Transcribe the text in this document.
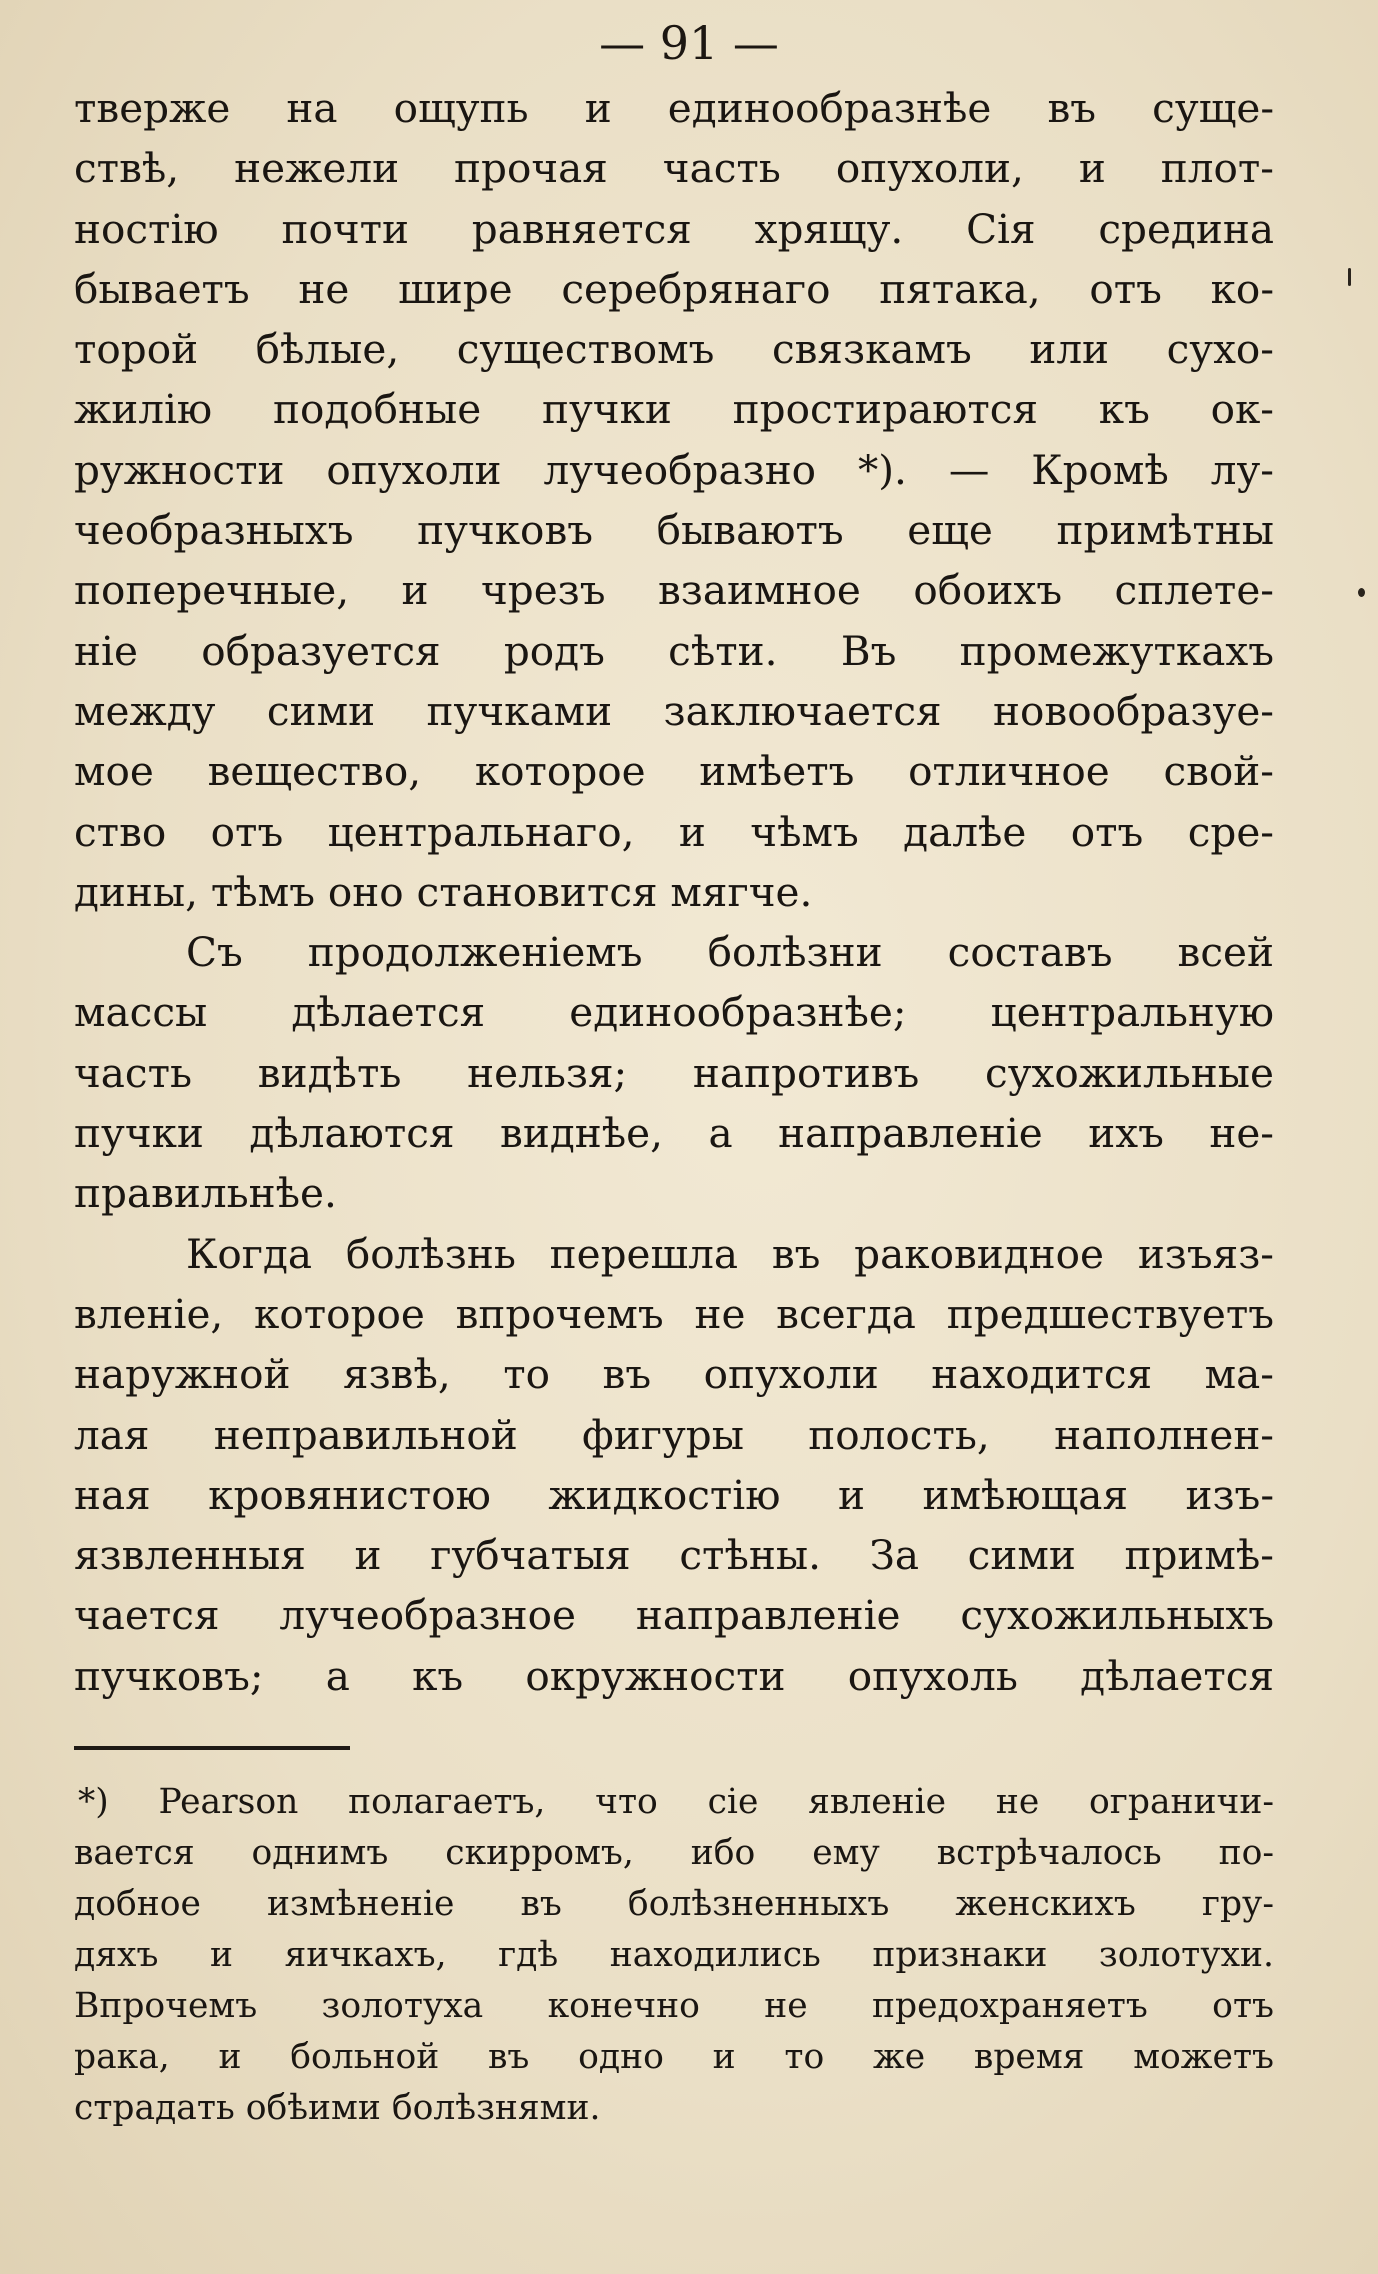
— 91 —
тверже на ощупь и единообразнѣе въ суще-
ствѣ, нежели прочая часть опухоли, и плот-
ностію почти равняется хрящу. Сія средина
бываетъ не шире серебрянаго пятака, отъ ко-
торой бѣлые, существомъ связкамъ или сухо-
жилію подобные пучки простираются къ ок-
ружности опухоли лучеобразно *). — Кромѣ лу-
чеобразныхъ пучковъ бываютъ еще примѣтны
поперечные, и чрезъ взаимное обоихъ сплете-
ніе образуется родъ сѣти. Въ промежуткахъ
между сими пучками заключается новообразуе-
мое вещество, которое имѣетъ отличное свой-
ство отъ центральнаго, и чѣмъ далѣе отъ сре-
дины, тѣмъ оно становится мягче.
Съ продолженіемъ болѣзни составъ всей
массы дѣлается единообразнѣе; центральную
часть видѣть нельзя; напротивъ сухожильные
пучки дѣлаются виднѣе, а направленіе ихъ не-
правильнѣе.
Когда болѣзнь перешла въ раковидное изъяз-
вленіе, которое впрочемъ не всегда предшествуетъ
наружной язвѣ, то въ опухоли находится ма-
лая неправильной фигуры полость, наполнен-
ная кровянистою жидкостію и имѣющая изъ-
язвленныя и губчатыя стѣны. За сими примѣ-
чается лучеобразное направленіе сухожильныхъ
пучковъ; а къ окружности опухоль дѣлается
*) Pearson полагаетъ, что сіе явленіе не ограничи-
вается однимъ скирромъ, ибо ему встрѣчалось по-
добное измѣненіе въ болѣзненныхъ женскихъ гру-
дяхъ и яичкахъ, гдѣ находились признаки золотухи.
Впрочемъ золотуха конечно не предохраняетъ отъ
рака, и больной въ одно и то же время можетъ
страдать обѣими болѣзнями.
